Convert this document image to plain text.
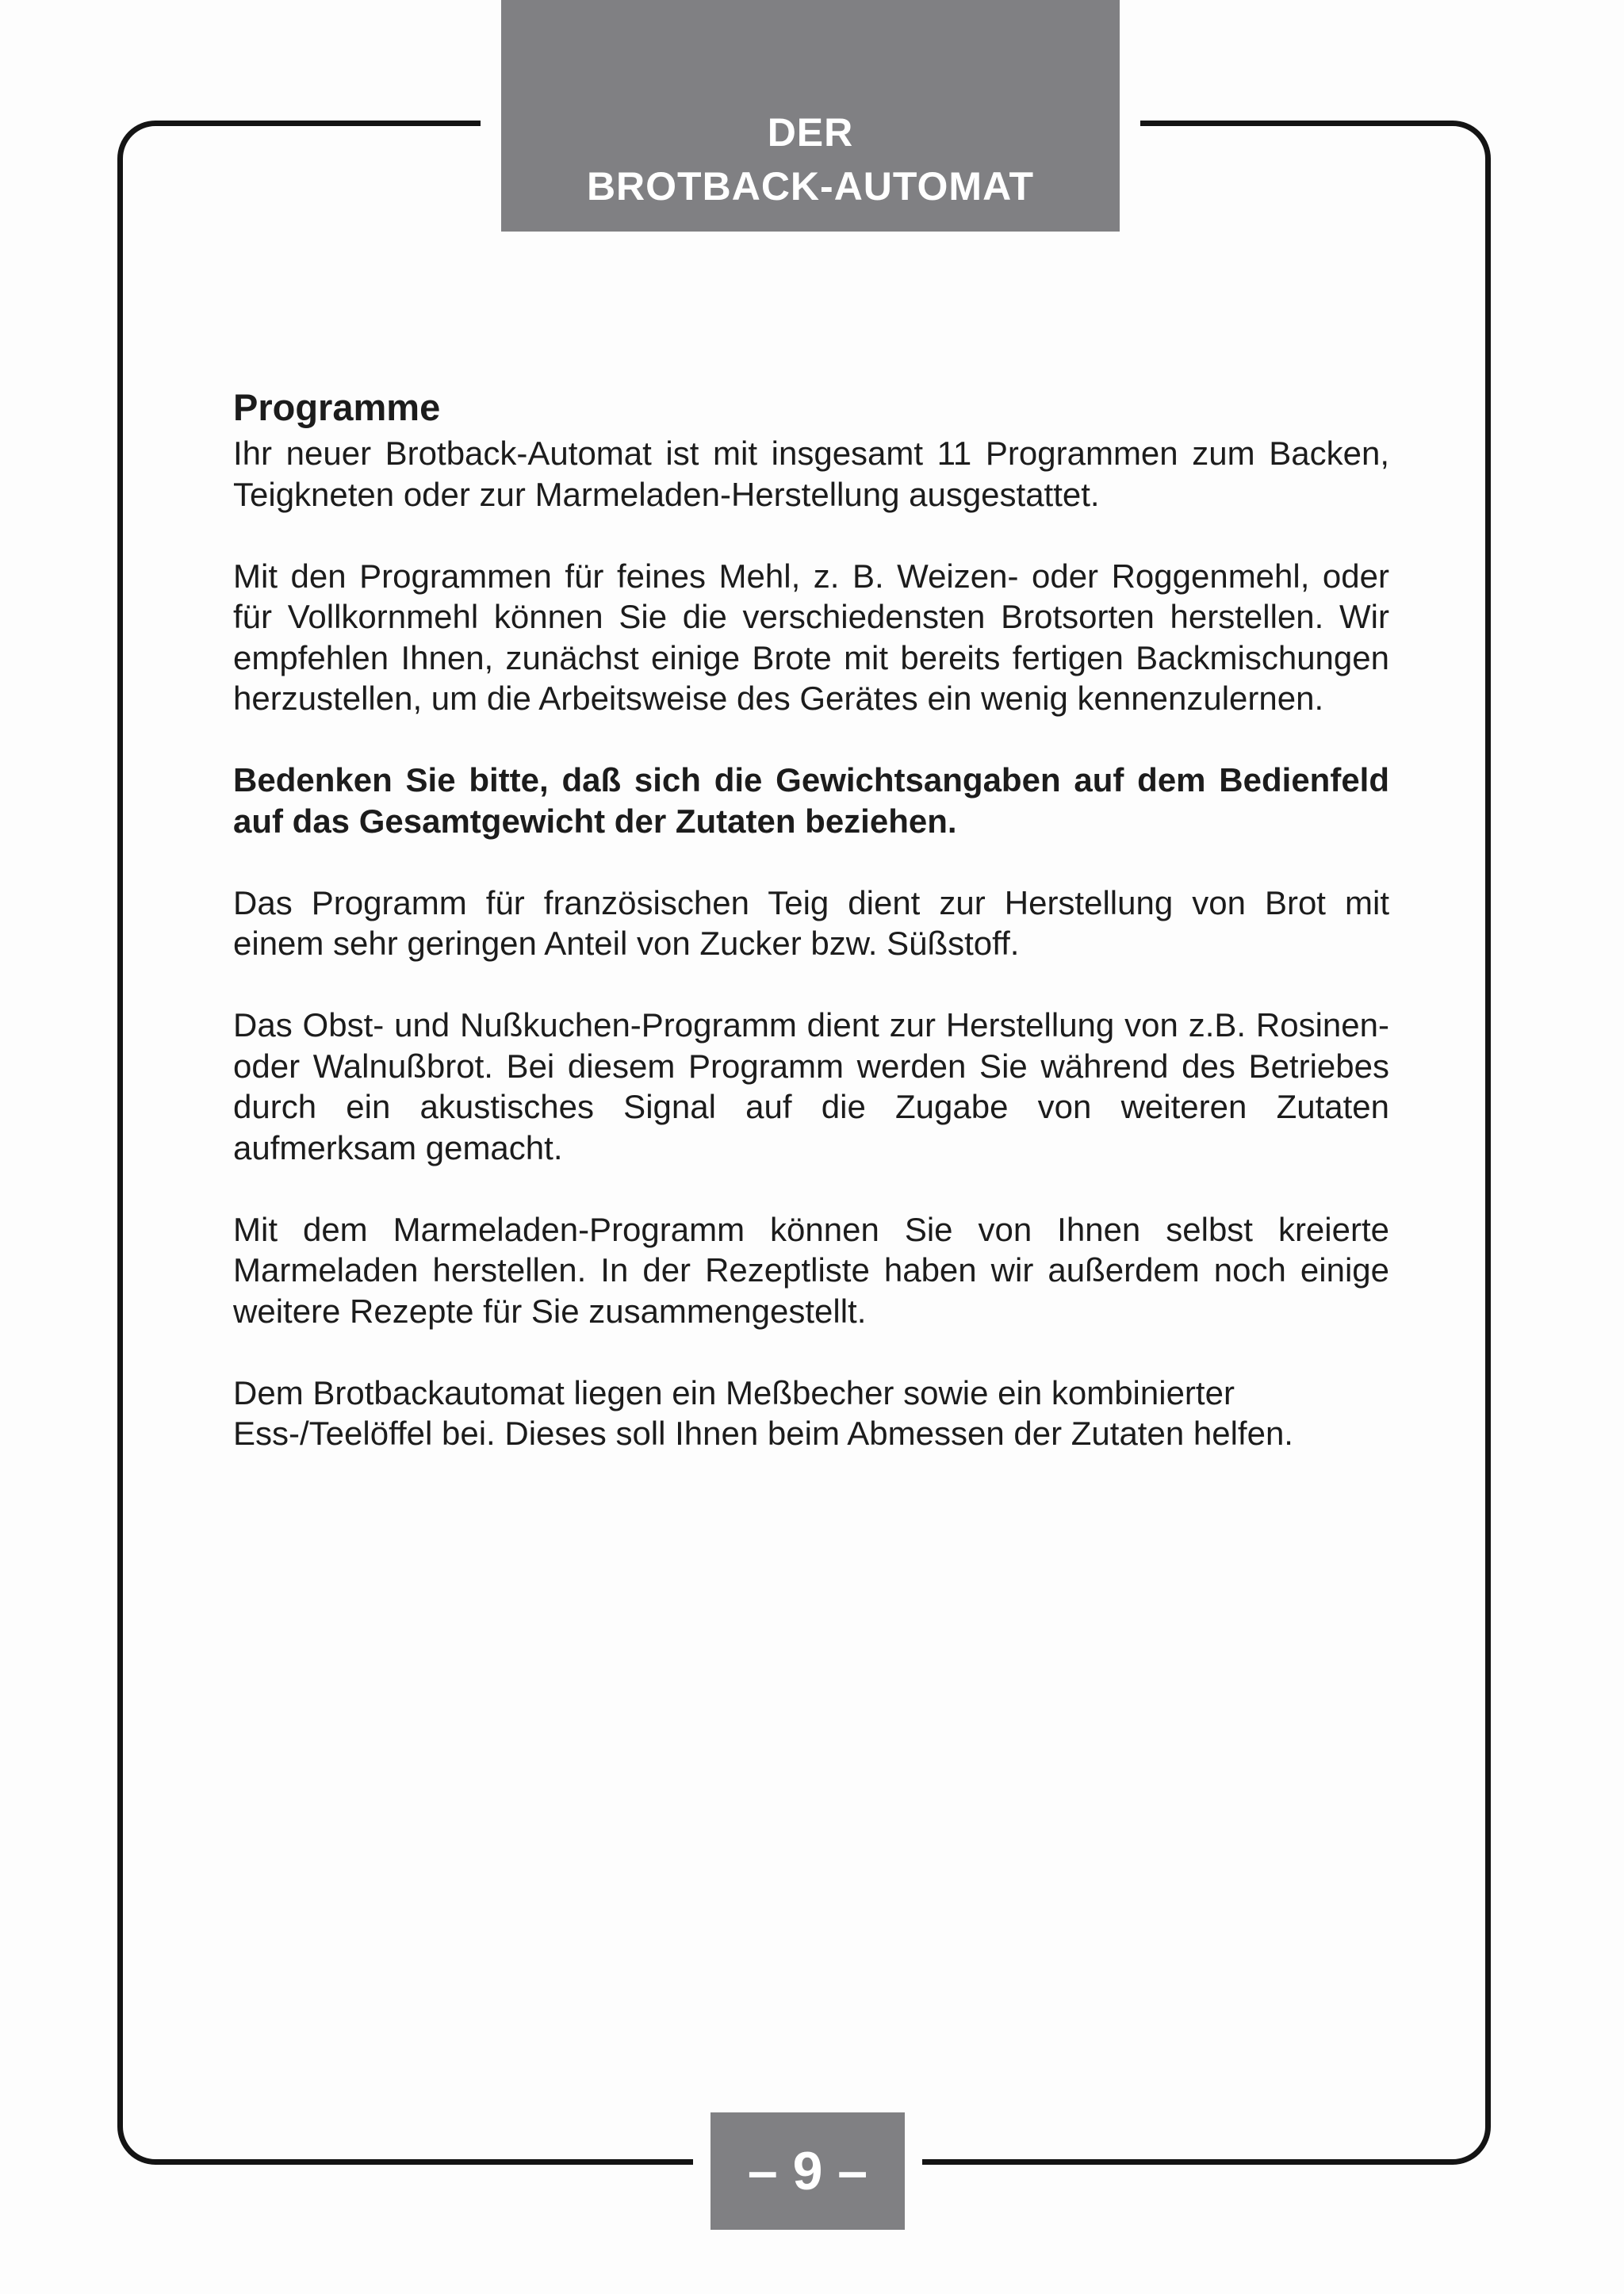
DER
BROTBACK-AUTOMAT
Programme

Ihr neuer Brotback-Automat ist mit insgesamt 11 Programmen zum Backen, Teigkneten oder zur Marmeladen-Herstellung ausgestattet.

Mit den Programmen für feines Mehl, z. B. Weizen- oder Roggenmehl, oder für Vollkornmehl können Sie die verschiedensten Brotsorten herstellen. Wir empfehlen Ihnen, zunächst einige Brote mit bereits fertigen Backmischungen herzustellen, um die Arbeitsweise des Gerätes ein wenig kennenzulernen.

Bedenken Sie bitte, daß sich die Gewichtsangaben auf dem Bedienfeld auf das Gesamtgewicht der Zutaten beziehen.

Das Programm für französischen Teig dient zur Herstellung von Brot mit einem sehr geringen Anteil von Zucker bzw. Süßstoff.

Das Obst- und Nußkuchen-Programm dient zur Herstellung von z.B. Rosinen- oder Walnußbrot. Bei diesem Programm werden Sie während des Betriebes durch ein akustisches Signal auf die Zugabe von weiteren Zutaten aufmerksam gemacht.

Mit dem Marmeladen-Programm können Sie von Ihnen selbst kreierte Marmeladen herstellen. In der Rezeptliste haben wir außerdem noch einige weitere Rezepte für Sie zusammengestellt.

Dem Brotbackautomat liegen ein Meßbecher sowie ein kombinierter Ess-/Teelöffel bei. Dieses soll Ihnen beim Abmessen der Zutaten helfen.

– 9 –
